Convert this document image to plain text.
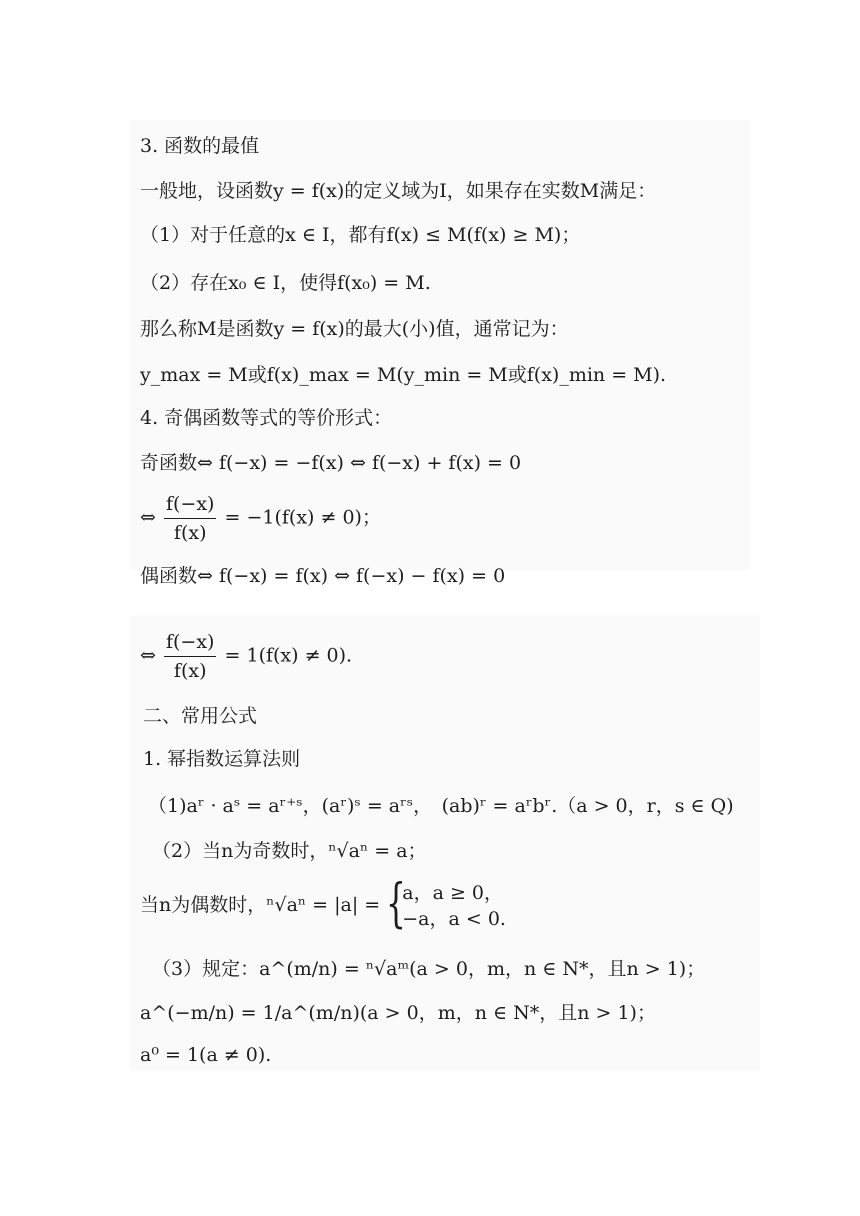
3. 函数的最值
一般地，设函数y = f(x)的定义域为I，如果存在实数M满足：
（1）对于任意的x ∈ I，都有f(x) ≤ M(f(x) ≥ M)；
（2）存在x₀ ∈ I，使得f(x₀) = M.
那么称M是函数y = f(x)的最大(小)值，通常记为：
y_max = M或f(x)_max = M(y_min = M或f(x)_min = M).
4. 奇偶函数等式的等价形式：
奇函数⇔ f(−x) = −f(x) ⇔ f(−x) + f(x) = 0
⇔ $\frac{f(-x)}{f(x)} = -1(f(x) \ne 0)$；
偶函数⇔ f(−x) = f(x) ⇔ f(−x) − f(x) = 0
⇔ $\frac{f(-x)}{f(x)} = 1(f(x) \ne 0)$.
二、常用公式
1. 幂指数运算法则
（1)aʳ · aˢ = aʳ⁺ˢ，(aʳ)ˢ = aʳˢ，　(ab)ʳ = aʳbʳ.（a > 0，r，s ∈ Q)
（2）当n为奇数时，ⁿ√aⁿ = a；
当n为偶数时，ⁿ√aⁿ = |a| = {
a，a ≥ 0，
−a，a < 0.
（3）规定：a^(m/n) = ⁿ√aᵐ(a > 0，m，n ∈ N*，且n > 1)；
a^(−m/n) = 1/a^(m/n)(a > 0，m，n ∈ N*，且n > 1)；
a⁰ = 1(a ≠ 0).
